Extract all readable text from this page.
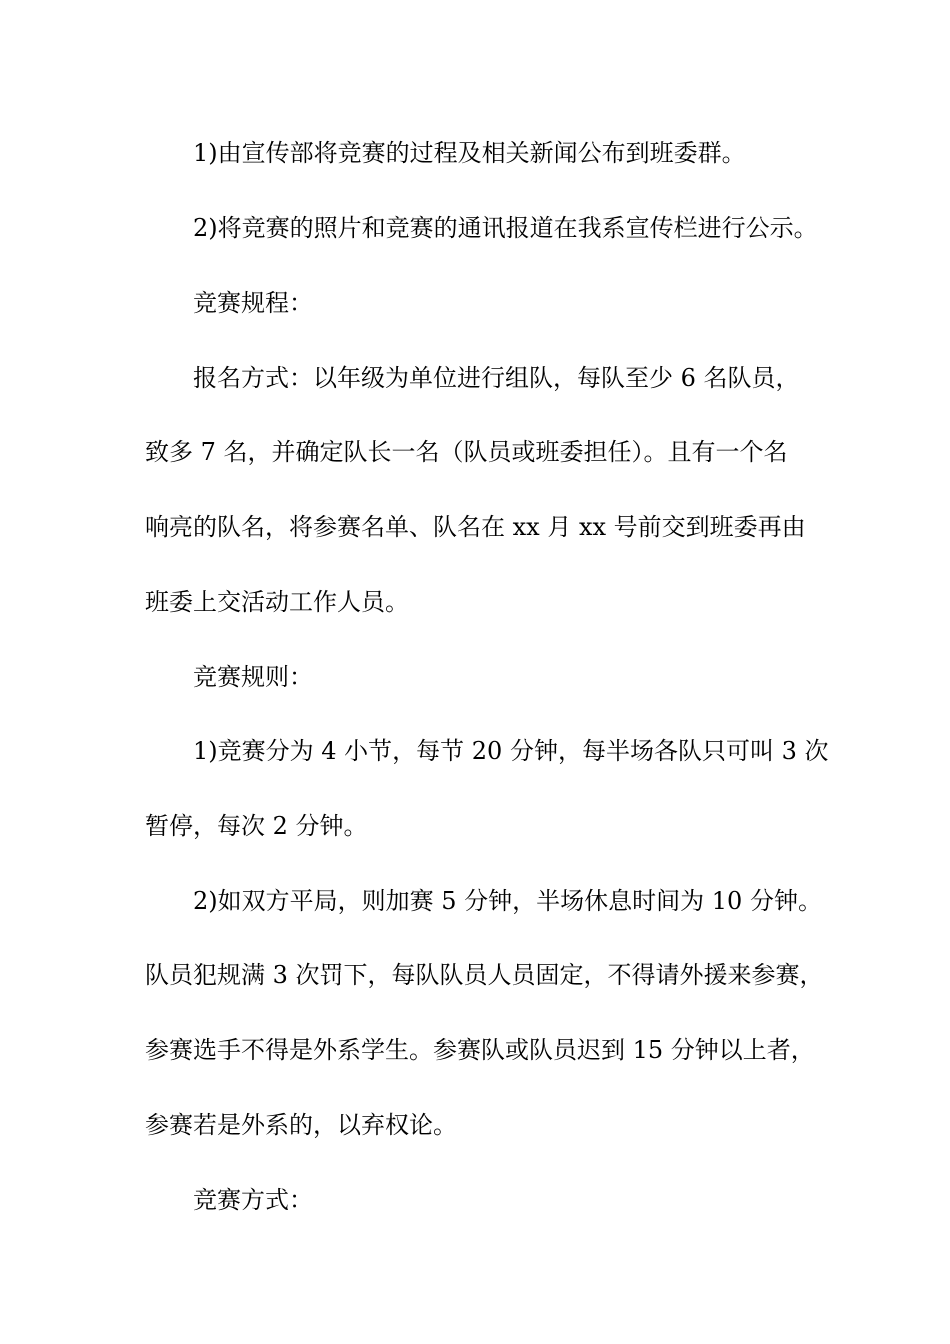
1)由宣传部将竞赛的过程及相关新闻公布到班委群。
2)将竞赛的照片和竞赛的通讯报道在我系宣传栏进行公示。
竞赛规程：
报名方式：以年级为单位进行组队，每队至少 6 名队员，
致多 7 名，并确定队长一名（队员或班委担任）。且有一个名
响亮的队名，将参赛名单、队名在 xx 月 xx 号前交到班委再由
班委上交活动工作人员。
竞赛规则：
1)竞赛分为 4 小节，每节 20 分钟，每半场各队只可叫 3 次
暂停，每次 2 分钟。
2)如双方平局，则加赛 5 分钟，半场休息时间为 10 分钟。
队员犯规满 3 次罚下，每队队员人员固定，不得请外援来参赛，
参赛选手不得是外系学生。参赛队或队员迟到 15 分钟以上者，
参赛若是外系的，以弃权论。
竞赛方式：
